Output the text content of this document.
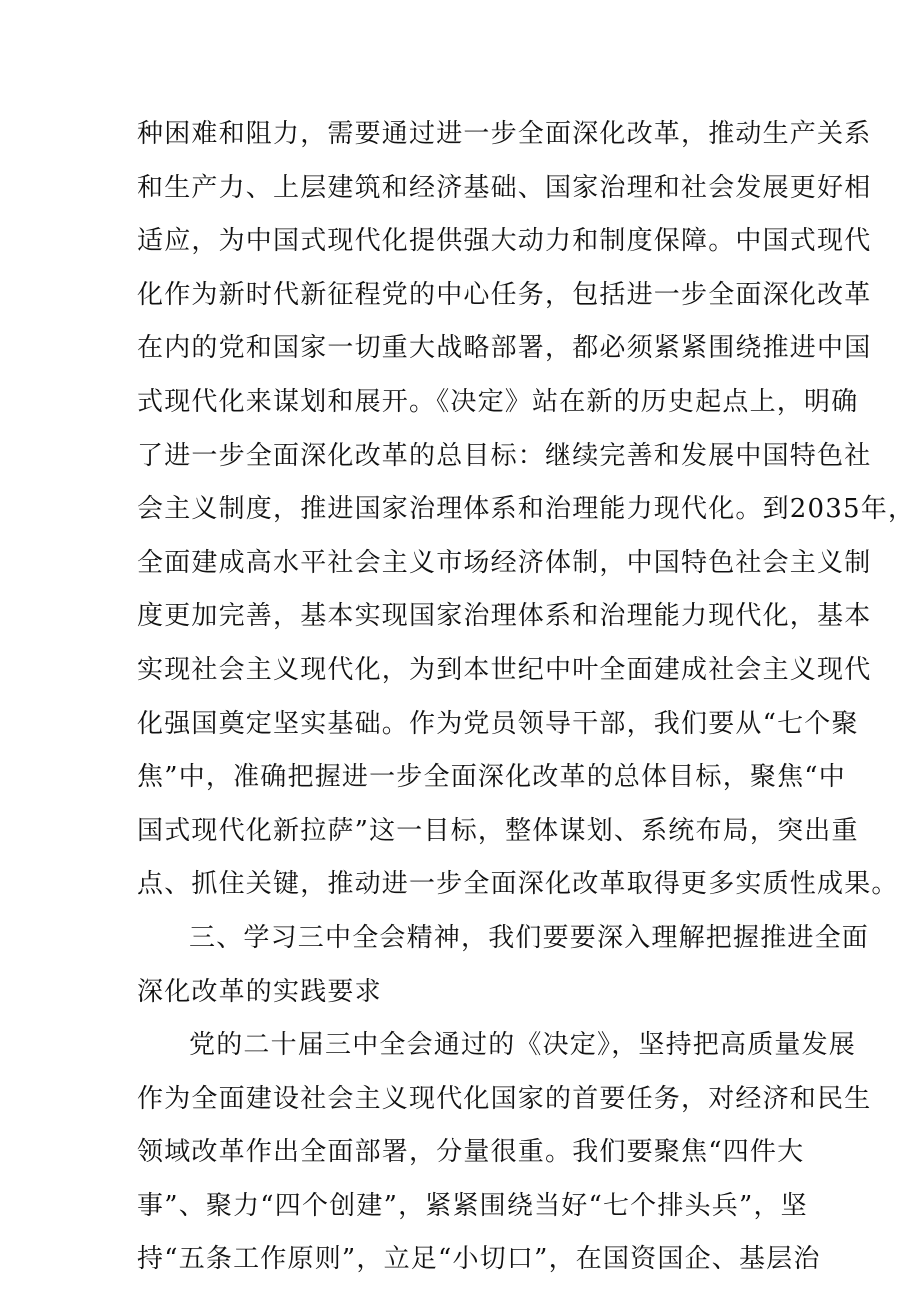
种困难和阻力，需要通过进一步全面深化改革，推动生产关系
和生产力、上层建筑和经济基础、国家治理和社会发展更好相
适应，为中国式现代化提供强大动力和制度保障。中国式现代
化作为新时代新征程党的中心任务，包括进一步全面深化改革
在内的党和国家一切重大战略部署，都必须紧紧围绕推进中国
式现代化来谋划和展开。《决定》站在新的历史起点上，明确
了进一步全面深化改革的总目标：继续完善和发展中国特色社
会主义制度，推进国家治理体系和治理能力现代化。到2035年，
全面建成高水平社会主义市场经济体制，中国特色社会主义制
度更加完善，基本实现国家治理体系和治理能力现代化，基本
实现社会主义现代化，为到本世纪中叶全面建成社会主义现代
化强国奠定坚实基础。作为党员领导干部，我们要从“七个聚
焦”中，准确把握进一步全面深化改革的总体目标，聚焦“中
国式现代化新拉萨”这一目标，整体谋划、系统布局，突出重
点、抓住关键，推动进一步全面深化改革取得更多实质性成果。
三、学习三中全会精神，我们要要深入理解把握推进全面
深化改革的实践要求
党的二十届三中全会通过的《决定》，坚持把高质量发展
作为全面建设社会主义现代化国家的首要任务，对经济和民生
领域改革作出全面部署，分量很重。我们要聚焦“四件大
事”、聚力“四个创建”，紧紧围绕当好“七个排头兵”，坚
持“五条工作原则”，立足“小切口”，在国资国企、基层治
